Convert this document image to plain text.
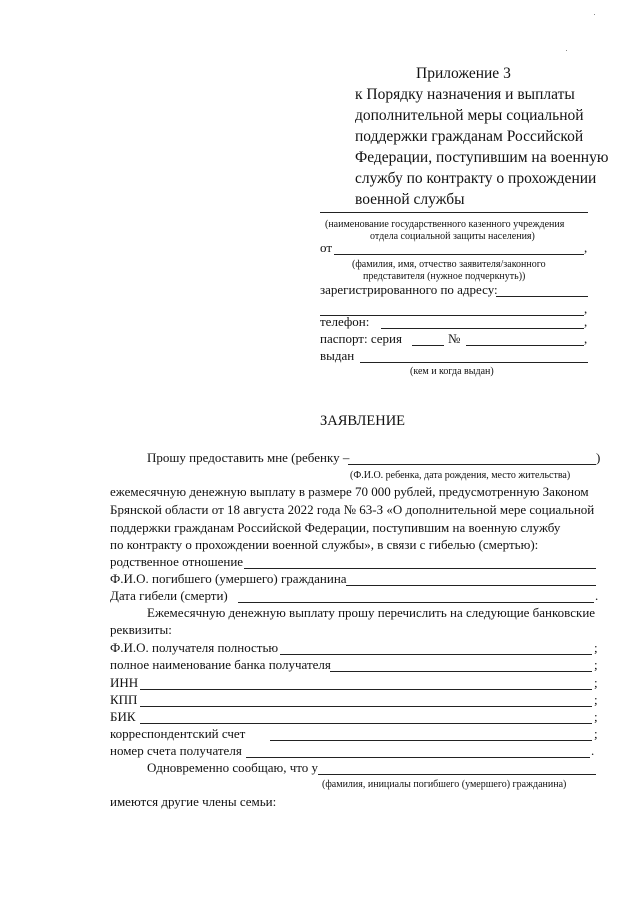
Приложение 3
к Порядку назначения и выплаты
дополнительной меры социальной
поддержки гражданам Российской
Федерации, поступившим на военную
службу по контракту о прохождении
военной службы
(наименование государственного казенного учреждения
отдела социальной защиты населения)
от	,
(фамилия, имя, отчество заявителя/законного
представителя (нужное подчеркнуть))
зарегистрированного по адресу:
,
телефон:	,
паспорт: серия	№	,
выдан
(кем и когда выдан)
ЗАЯВЛЕНИЕ
Прошу предоставить мне (ребенку –	)
(Ф.И.О. ребенка, дата рождения, место жительства)
ежемесячную денежную выплату в размере 70 000 рублей, предусмотренную Законом
Брянской области от 18 августа 2022 года № 63-З «О дополнительной мере социальной
поддержки гражданам Российской Федерации, поступившим на военную службу
по контракту о прохождении военной службы», в связи с гибелью (смертью):
родственное отношение
Ф.И.О. погибшего (умершего) гражданина
Дата гибели (смерти)	.
Ежемесячную денежную выплату прошу перечислить на следующие банковские
реквизиты:
Ф.И.О. получателя полностью	;
полное наименование банка получателя	;
ИНН	;
КПП	;
БИК	;
корреспондентский счет	;
номер счета получателя	.
Одновременно сообщаю, что у
(фамилия, инициалы погибшего (умершего) гражданина)
имеются другие члены семьи:
